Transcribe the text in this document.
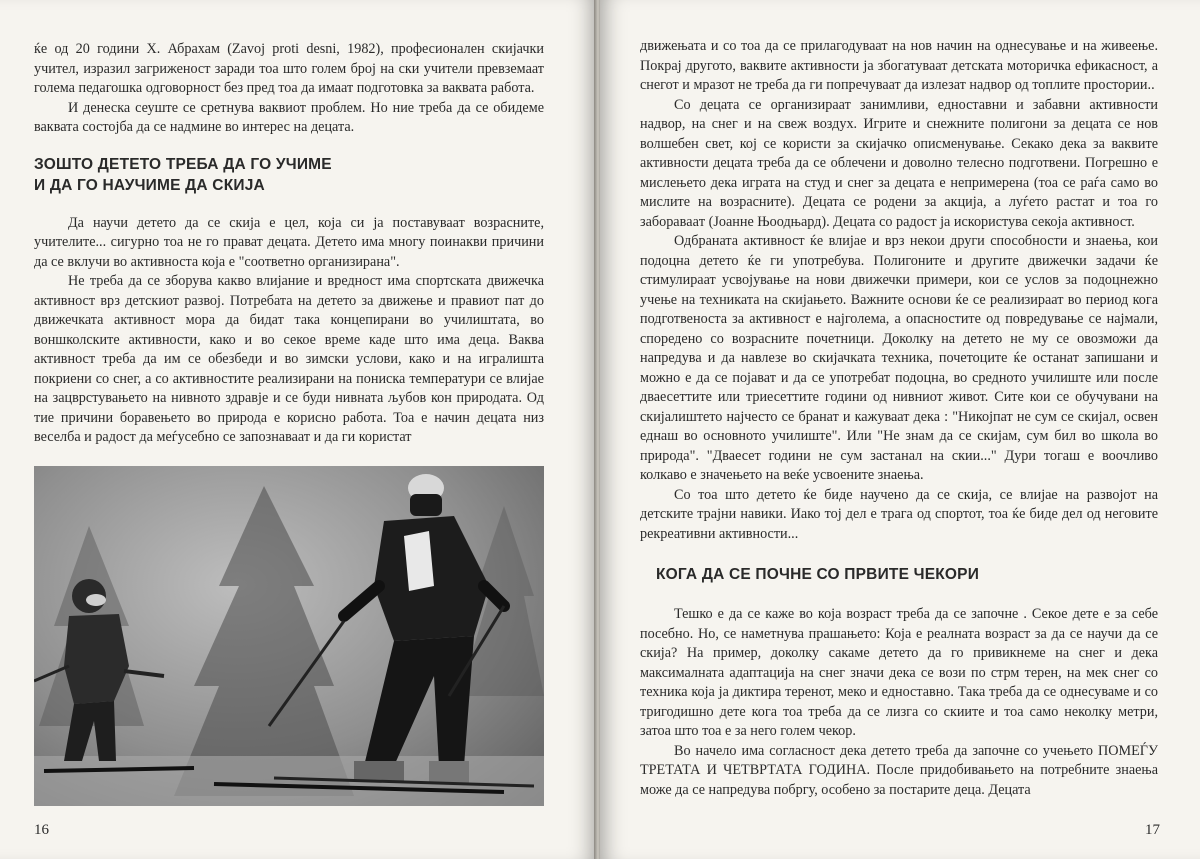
ќе од 20 години Х. Абрахам (Zavoj proti desni, 1982), професионален скијачки учител, изразил загриженост заради тоа што голем број на ски учители превземаат голема педагошка одговорност без пред тоа да имаат подготовка за ваквата работа.

И денеска сеуште се сретнува ваквиот проблем. Но ние треба да се обидеме ваквата состојба да се надмине во интерес на децата.

ЗОШТО ДЕТЕТО ТРЕБА ДА ГО УЧИМЕ
И ДА ГО НАУЧИМЕ ДА СКИЈА

Да научи детето да се скија е цел, која си ја поставуваат возрасните, учителите... сигурно тоа не го прават децата. Детето има многу поинакви причини да се вклучи во активноста која е "соответно организирана".

Не треба да се зборува какво влијание и вредност има спортската движечка активност врз детскиот развој. Потребата на детето за движење и правиот пат до движечката активност мора да бидат така концепирани во училиштата, во воншколските активности, како и во секое време каде што има деца. Ваква активност треба да им се обезбеди и во зимски услови, како и на игралишта покриени со снег, а со активностите реализирани на пониска температури се влијае на зацврстувањето на нивното здравје и се буди нивната љубов кон природата. Од тие причини боравењето во природа е корисно работа. Тоа е начин децата низ веселба и радост да меѓусебно се запознаваат и да ги користат

16

движењата и со тоа да се прилагодуваат на нов начин на однесување и на живеење. Покрај другото, ваквите активности ја збогатуваат детската моторичка ефикасност, а снегот и мразот не треба да ги попречуваат да излезат надвор од топлите простории..

Со децата се организираат занимливи, едноставни и забавни активности надвор, на снег и на свеж воздух. Игрите и снежните полигони за децата се нов волшебен свет, кој се користи за скијачко описменување. Секако дека за ваквите активности децата треба да се облечени и доволно телесно подготвени. Погрешно е мислењето дека играта на студ и снег за децата е непримерена (тоа се раѓа само во мислите на возрасните). Децата се родени за акција, а луѓето растат и тоа го заборавaaт (Јоанне Њоодњард). Децата со радост ја искористува секоја активност.

Одбраната активност ќе влијае и врз некои други способности и знаења, кои подоцна детето ќе ги употребува. Полигоните и другите движечки задачи ќе стимулираат усвојување на нови движечки примери, кои се услов за подоцнежно учење на техниката на скијањето. Важните основи ќе се реализираат во период кога подготвеноста за активност е најголема, а опасностите од повредување се најмали, споредено со возрасните почетници. Доколку на детето не му се овозможи да напредува и да навлезе во скијачката техника, почетоците ќе останат запишани и можно е да се појават и да се употребат подоцна, во средното училиште или после дваесеттите или триесеттите години од нивниот живот. Сите кои се обучувани на скијалиштето најчесто се бранат и кажуваат дека : "Никојпат не сум се скијал, освен еднаш во основното училиште". Или "Не знам да се скијам, сум бил во школа во природа". "Дваесет години не сум застанал на скии..." Дури тогаш е воочливо колкаво е значењето на веќе усвоените знаења.

Со тоа што детето ќе биде научено да се скија, се влијае на развојот на детските трајни навики. Иако тој дел е трага од спортот, тоа ќе биде дел од неговите рекреативни активности...

КОГА ДА СЕ ПОЧНЕ СО ПРВИТЕ ЧЕКОРИ

Тешко е да се каже во која возраст треба да се започне . Секое дете е за себе посебно. Но, се наметнува прашањето: Која е реалната возраст за да се научи да се скија? На пример, доколку сакаме детето да го привикнеме на снег и дека максималната адаптација на снег значи дека се вози по стрм терен, на мек снег со техника која ја диктира теренот, меко и едноставно. Така треба да се однесуваме и со тригодишно дете кога тоа треба да се лизга со скиите и тоа само неколку метри, затоа што тоа е за него голем чекор.

Во начело има согласност дека детето треба да започне со учењето ПОМЕЃУ ТРЕТАТА И ЧЕТВРТАТА ГОДИНА. После придобивањето на потребните знаења може да се напредува побргу, особено за постарите деца. Децата

17
